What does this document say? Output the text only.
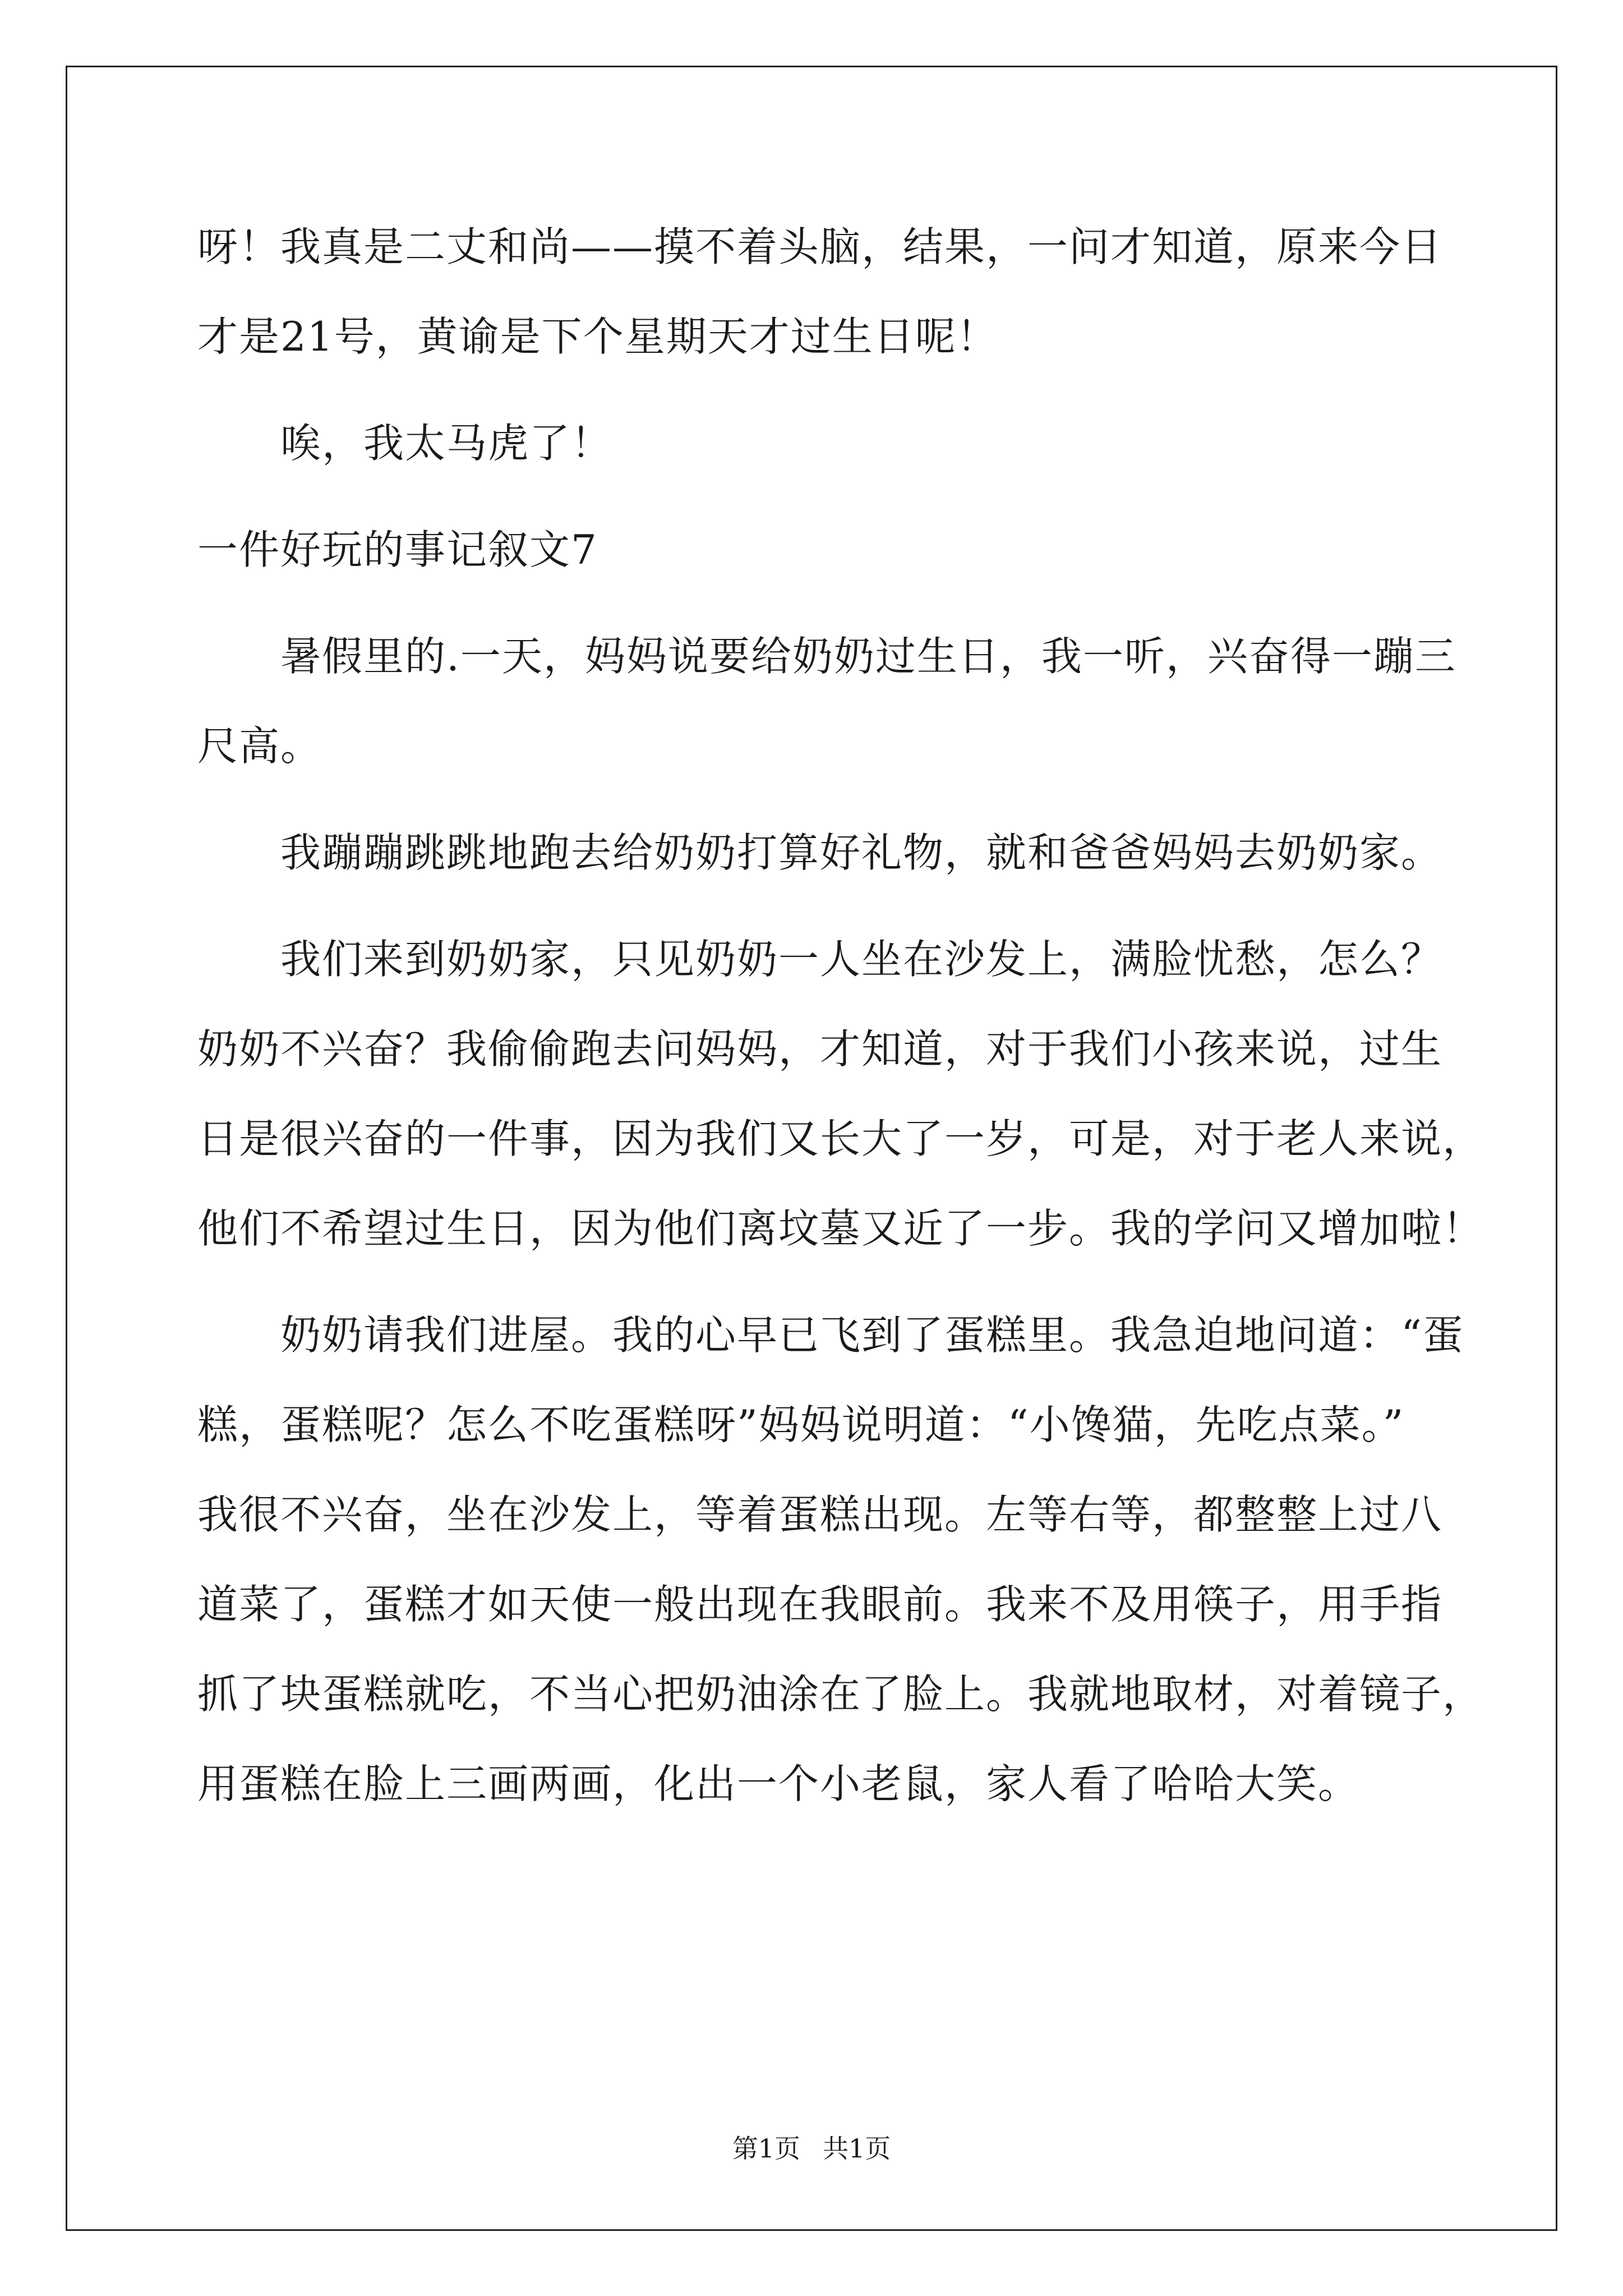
呀！我真是二丈和尚——摸不着头脑，结果，一问才知道，原来今日
才是21号，黄谕是下个星期天才过生日呢！
唉，我太马虎了！
一件好玩的事记叙文7
暑假里的.一天，妈妈说要给奶奶过生日，我一听，兴奋得一蹦三
尺高。
我蹦蹦跳跳地跑去给奶奶打算好礼物，就和爸爸妈妈去奶奶家。
我们来到奶奶家，只见奶奶一人坐在沙发上，满脸忧愁，怎么？
奶奶不兴奋？我偷偷跑去问妈妈，才知道，对于我们小孩来说，过生
日是很兴奋的一件事，因为我们又长大了一岁，可是，对于老人来说，
他们不希望过生日，因为他们离坟墓又近了一步。我的学问又增加啦！
奶奶请我们进屋。我的心早已飞到了蛋糕里。我急迫地问道：“蛋
糕，蛋糕呢？怎么不吃蛋糕呀”妈妈说明道：“小馋猫，先吃点菜。”
我很不兴奋，坐在沙发上，等着蛋糕出现。左等右等，都整整上过八
道菜了，蛋糕才如天使一般出现在我眼前。我来不及用筷子，用手指
抓了块蛋糕就吃，不当心把奶油涂在了脸上。我就地取材，对着镜子，
用蛋糕在脸上三画两画，化出一个小老鼠，家人看了哈哈大笑。
第1页 共1页
